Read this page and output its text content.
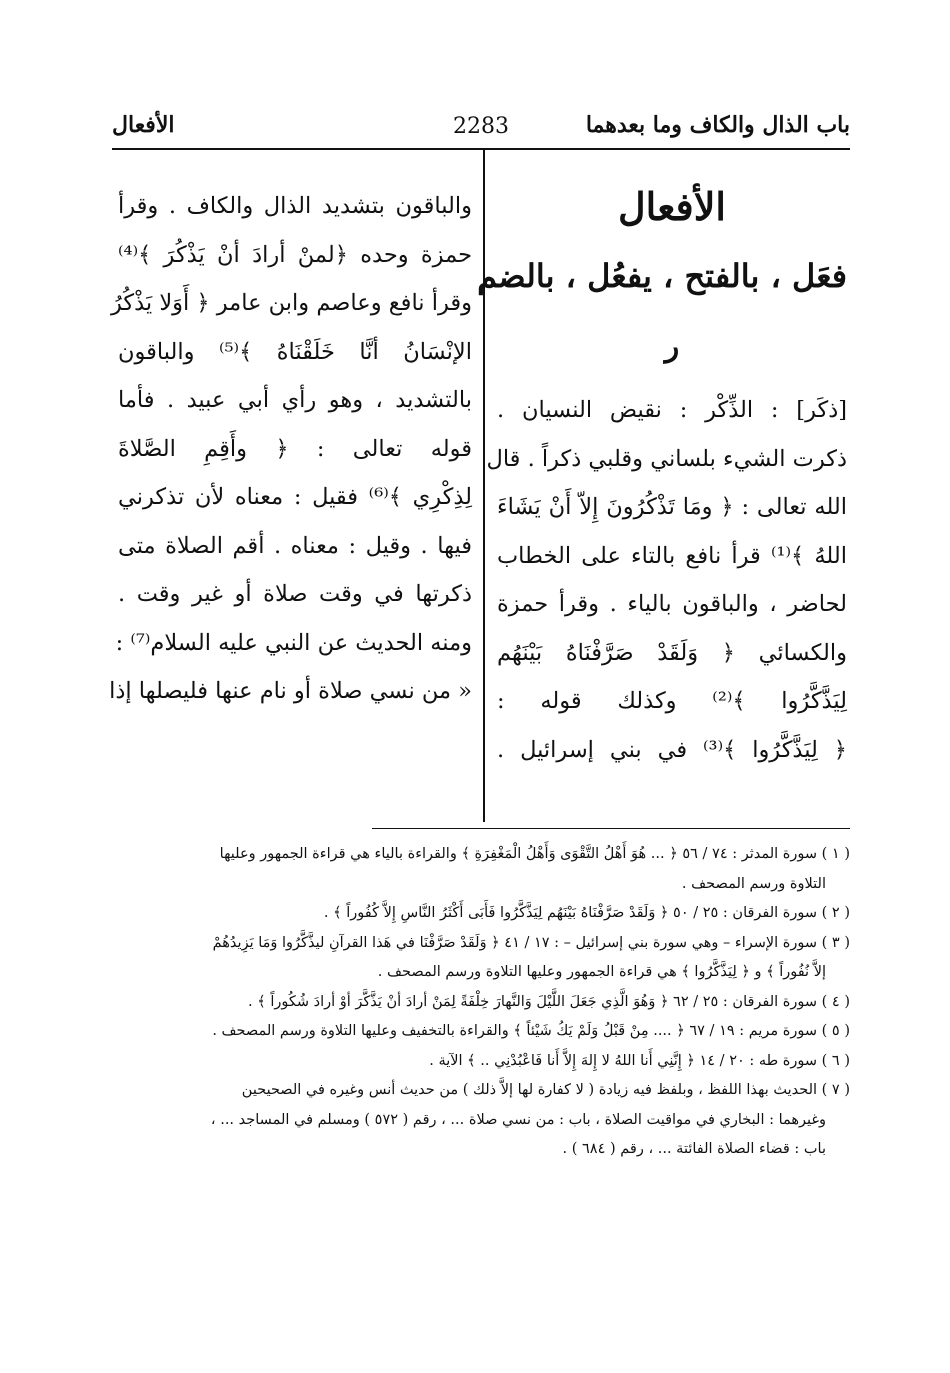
باب الذال والكاف وما بعدهما
2283
الأفعال
الأفعال
فعَل ، بالفتح ، يفعُل ، بالضم
ر
[ذكَر] : الذِّكْر : نقيض النسيان .
ذكرت الشيء بلساني وقلبي ذكراً . قال
الله تعالى : ﴿ ومَا تَذْكُرُونَ إِلاّ أَنْ يَشَاءَ
اللهُ ﴾⁽¹⁾ قرأ نافع بالتاء على الخطاب
لحاضر ، والباقون بالياء . وقرأ حمزة
والكسائي ﴿ وَلَقَدْ صَرَّفْنَاهُ بَيْنَهُم
لِيَذَّكَّرُوا ﴾⁽²⁾ وكذلك قوله :
﴿ لِيَذَّكَّرُوا ﴾⁽³⁾ في بني إسرائيل .
والباقون بتشديد الذال والكاف . وقرأ
حمزة وحده ﴿لمنْ أرادَ أنْ يَذْكُرَ ﴾⁽⁴⁾
وقرأ نافع وعاصم وابن عامر ﴿ أَوَلا يَذْكُرُ
الإنْسَانُ أنَّا خَلَقْنَاهُ ﴾⁽⁵⁾ والباقون
بالتشديد ، وهو رأي أبي عبيد . فأما
قوله تعالى : ﴿ وأَقِمِ الصَّلاةَ
لِذِكْرِي ﴾⁽⁶⁾ فقيل : معناه لأن تذكرني
فيها . وقيل : معناه . أقم الصلاة متى
ذكرتها في وقت صلاة أو غير وقت .
ومنه الحديث عن النبي عليه السلام⁽⁷⁾ :
« من نسي صلاة أو نام عنها فليصلها إذا
( ١ ) سورة المدثر : ٧٤ / ٥٦ ﴿ ... هُوَ أَهْلُ التَّقْوَى وَأَهْلُ الْمَغْفِرَةِ ﴾ والقراءة بالياء هي قراءة الجمهور وعليها
التلاوة ورسم المصحف .
( ٢ ) سورة الفرقان : ٢٥ / ٥٠ ﴿ وَلَقَدْ صَرَّفْنَاهُ بَيْنَهُم لِيَذَّكَّرُوا فَأَبَى أَكْثَرُ النَّاسِ إِلاَّ كُفُوراً ﴾ .
( ٣ ) سورة الإسراء – وهي سورة بني إسرائيل – : ١٧ / ٤١ ﴿ وَلَقَدْ صَرَّفْنَا في هَذا القرآنِ ليذَّكَّرُوا وَمَا يَزِيدُهُمْ
إلاَّ نُفُوراً ﴾ و ﴿ لِيَذَّكَّرُوا ﴾ هي قراءة الجمهور وعليها التلاوة ورسم المصحف .
( ٤ ) سورة الفرقان : ٢٥ / ٦٢ ﴿ وَهُوَ الَّذِي جَعَلَ اللَّيْلَ وَالنَّهارَ خِلْفَةً لِمَنْ أرادَ أنْ يَذَّكَّرَ أوْ أرادَ شُكُوراً ﴾ .
( ٥ ) سورة مريم : ١٩ / ٦٧ ﴿ .... مِنْ قَبْلُ وَلَمْ يَكُ شَيْئاً ﴾ والقراءة بالتخفيف وعليها التلاوة ورسم المصحف .
( ٦ ) سورة طه : ٢٠ / ١٤ ﴿ إِنَّنِي أَنا اللهُ لا إِلهَ إِلاَّ أَنا فَاعْبُدْنِي .. ﴾ الآية .
( ٧ ) الحديث بهذا اللفظ ، وبلفظ فيه زيادة ( لا كفارة لها إلاَّ ذلك ) من حديث أنس وغيره في الصحيحين
وغيرهما : البخاري في مواقيت الصلاة ، باب : من نسي صلاة ... ، رقم ( ٥٧٢ ) ومسلم في المساجد ... ،
باب : قضاء الصلاة الفائتة ... ، رقم ( ٦٨٤ ) .
